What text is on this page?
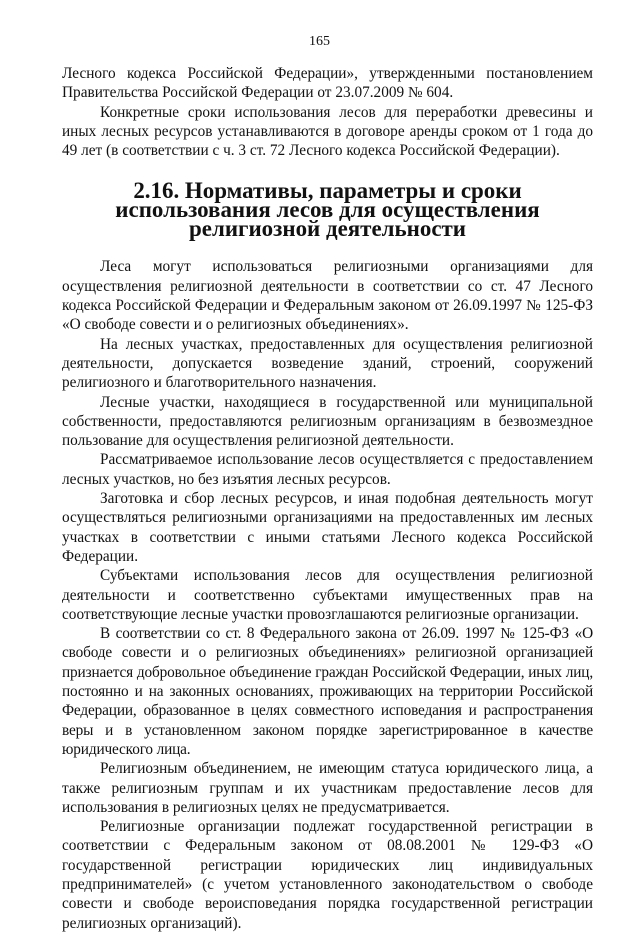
165

Лесного кодекса Российской Федерации», утвержденными постановлением Правительства Российской Федерации от 23.07.2009 № 604.

Конкретные сроки использования лесов для переработки древесины и иных лесных ресурсов устанавливаются в договоре аренды сроком от 1 года до 49 лет (в соответствии с ч. 3 ст. 72 Лесного кодекса Российской Федерации).

2.16. Нормативы, параметры и сроки использования лесов для осуществления религиозной деятельности

Леса могут использоваться религиозными организациями для осуществления религиозной деятельности в соответствии со ст. 47 Лесного кодекса Российской Федерации и Федеральным законом от 26.09.1997 № 125-ФЗ «О свободе совести и о религиозных объединениях».

На лесных участках, предоставленных для осуществления религиозной деятельности, допускается возведение зданий, строений, сооружений религиозного и благотворительного назначения.

Лесные участки, находящиеся в государственной или муниципальной собственности, предоставляются религиозным организациям в безвозмездное пользование для осуществления религиозной деятельности.

Рассматриваемое использование лесов осуществляется с предоставлением лесных участков, но без изъятия лесных ресурсов.

Заготовка и сбор лесных ресурсов, и иная подобная деятельность могут осуществляться религиозными организациями на предоставленных им лесных участках в соответствии с иными статьями Лесного кодекса Российской Федерации.

Субъектами использования лесов для осуществления религиозной деятельности и соответственно субъектами имущественных прав на соответствующие лесные участки провозглашаются религиозные организации.

В соответствии со ст. 8 Федерального закона от 26.09. 1997 № 125-ФЗ «О свободе совести и о религиозных объединениях» религиозной организацией признается добровольное объединение граждан Российской Федерации, иных лиц, постоянно и на законных основаниях, проживающих на территории Российской Федерации, образованное в целях совместного исповедания и распространения веры и в установленном законом порядке зарегистрированное в качестве юридического лица.

Религиозным объединением, не имеющим статуса юридического лица, а также религиозным группам и их участникам предоставление лесов для использования в религиозных целях не предусматривается.

Религиозные организации подлежат государственной регистрации в соответствии с Федеральным законом от 08.08.2001 № 129-ФЗ «О государственной регистрации юридических лиц индивидуальных предпринимателей» (с учетом установленного законодательством о свободе совести и свободе вероисповедания порядка государственной регистрации религиозных организаций).
